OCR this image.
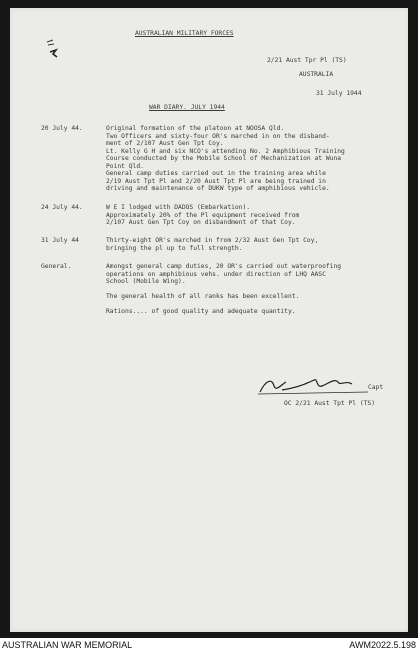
AUSTRALIAN MILITARY FORCES
2/21 Aust Tpr Pl (TS)
AUSTRALIA
31 July 1944
WAR DIARY. JULY 1944
20 July 44.	Original formation of the platoon at NOOSA Qld.
Two Officers and sixty-four OR's marched in on the disband-
ment of 2/107 Aust Gen Tpt Coy.
Lt. Kelly G H and six NCO's attending No. 2 Amphibious Training
Course conducted by the Mobile School of Mechanization at Wuna
Point Qld.
General camp duties carried out in the training area while
2/19 Aust Tpt Pl and 2/20 Aust Tpt Pl are being trained in
driving and maintenance of DUKW type of amphibious vehicle.
24 July 44.	W E I lodged with DADOS (Embarkation).
Approximately 20% of the Pl equipment received from
2/107 Aust Gen Tpt Coy on disbandment of that Coy.
31 July 44	Thirty-eight OR's marched in from 2/32 Aust Gen Tpt Coy,
bringing the pl up to full strength.
General.	Amongst general camp duties, 20 OR's carried out waterproofing
operations on amphibious vehs. under direction of LHQ AASC
School (Mobile Wing).
The general health of all ranks has been excellent.
Rations.... of good quality and adequate quantity.
Capt
OC 2/21 Aust Tpt Pl (TS)
AUSTRALIAN WAR MEMORIAL	AWM2022.5.198
